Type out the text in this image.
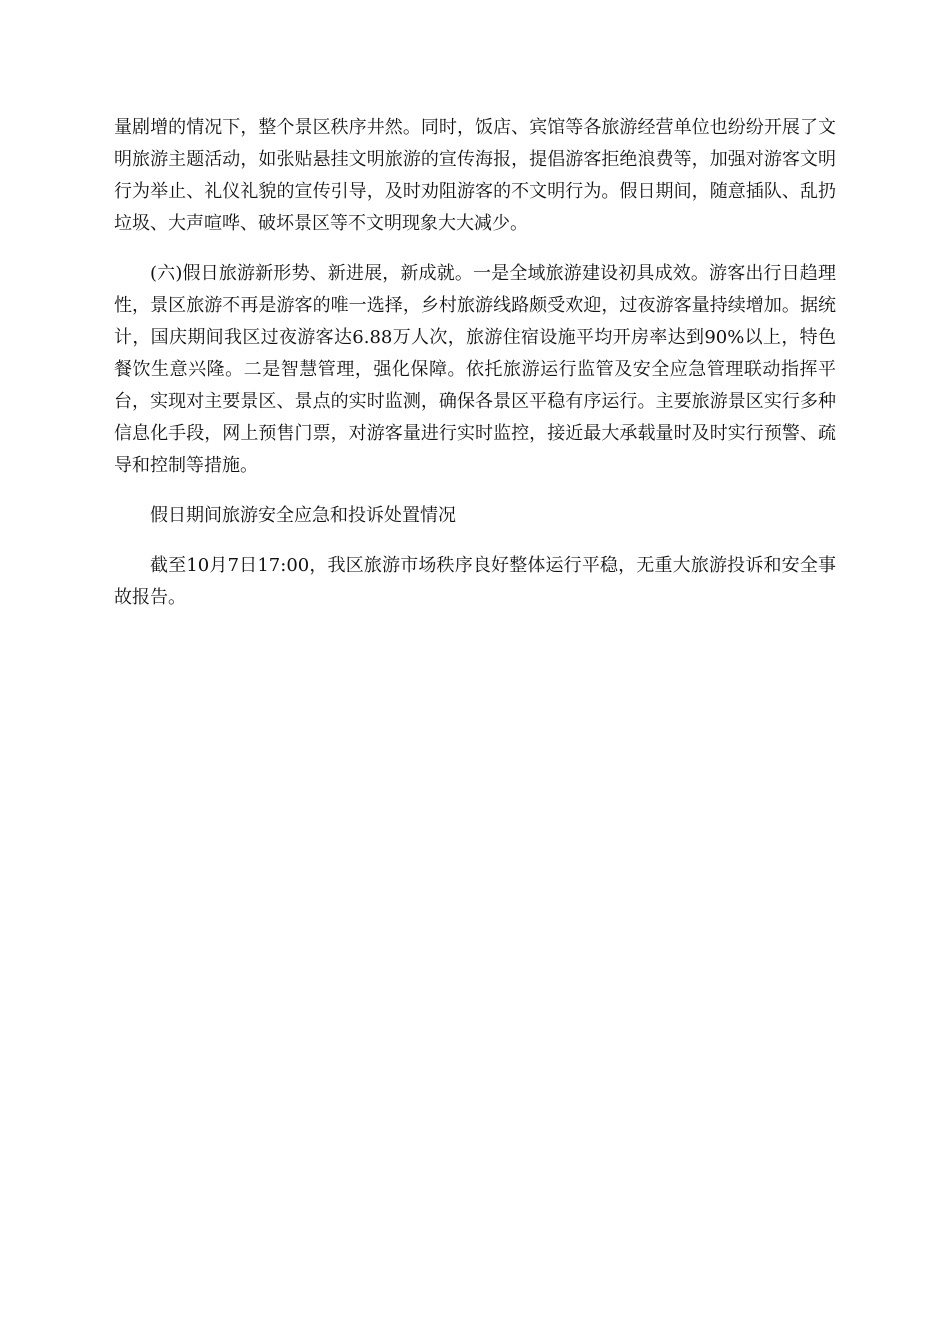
量剧增的情况下，整个景区秩序井然。同时，饭店、宾馆等各旅游经营单位也纷纷开展了文明旅游主题活动，如张贴悬挂文明旅游的宣传海报，提倡游客拒绝浪费等，加强对游客文明行为举止、礼仪礼貌的宣传引导，及时劝阻游客的不文明行为。假日期间，随意插队、乱扔垃圾、大声喧哗、破坏景区等不文明现象大大减少。

(六)假日旅游新形势、新进展，新成就。一是全域旅游建设初具成效。游客出行日趋理性，景区旅游不再是游客的唯一选择，乡村旅游线路颇受欢迎，过夜游客量持续增加。据统计，国庆期间我区过夜游客达6.88万人次，旅游住宿设施平均开房率达到90%以上，特色餐饮生意兴隆。二是智慧管理，强化保障。依托旅游运行监管及安全应急管理联动指挥平台，实现对主要景区、景点的实时监测，确保各景区平稳有序运行。主要旅游景区实行多种信息化手段，网上预售门票，对游客量进行实时监控，接近最大承载量时及时实行预警、疏导和控制等措施。

假日期间旅游安全应急和投诉处置情况

截至10月7日17:00，我区旅游市场秩序良好整体运行平稳，无重大旅游投诉和安全事故报告。
